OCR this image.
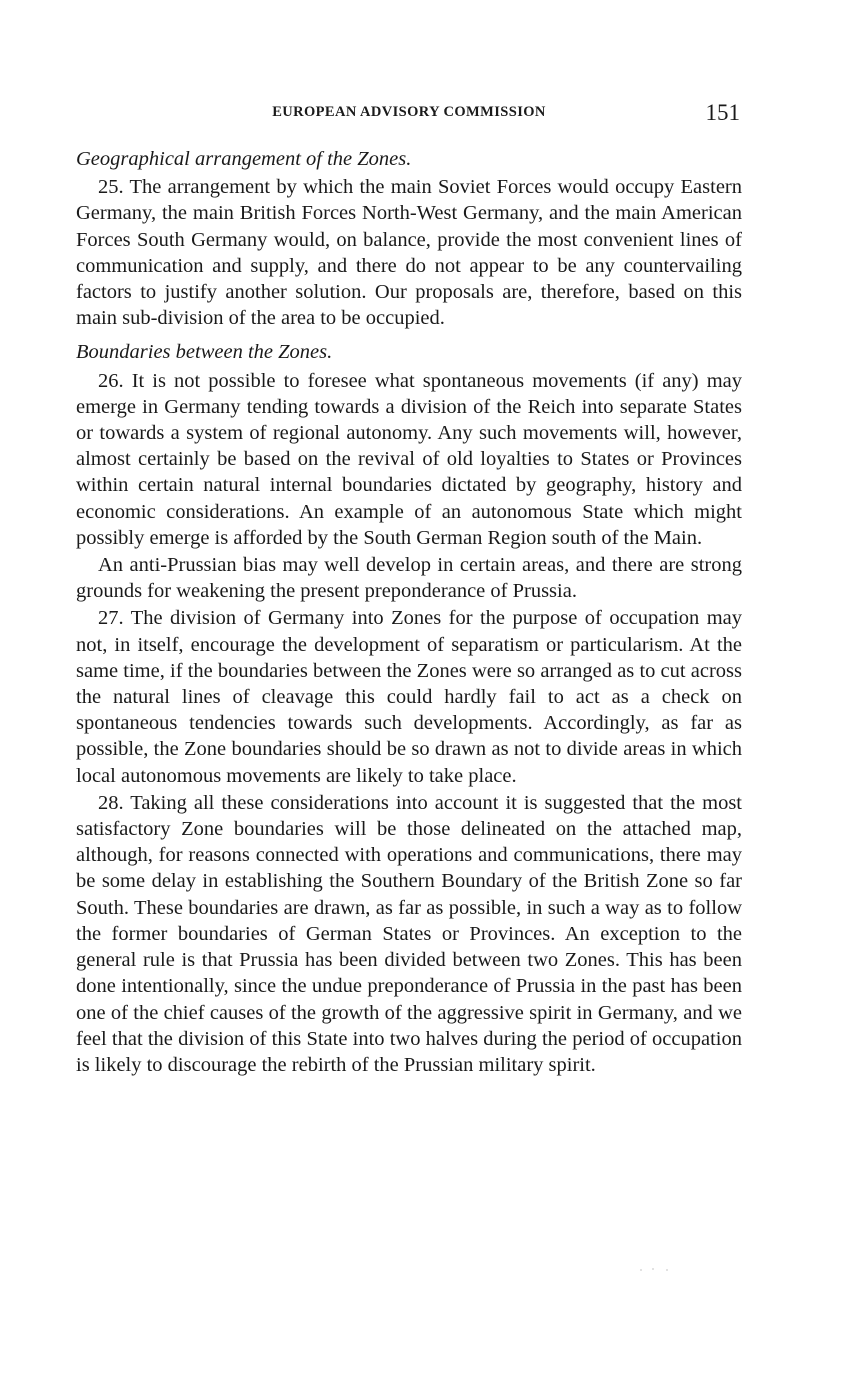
EUROPEAN ADVISORY COMMISSION	151
Geographical arrangement of the Zones.

25. The arrangement by which the main Soviet Forces would occupy Eastern Germany, the main British Forces North-West Germany, and the main American Forces South Germany would, on balance, provide the most convenient lines of communication and supply, and there do not appear to be any countervailing factors to justify another solution. Our proposals are, therefore, based on this main sub-division of the area to be occupied.

Boundaries between the Zones.

26. It is not possible to foresee what spontaneous movements (if any) may emerge in Germany tending towards a division of the Reich into separate States or towards a system of regional autonomy. Any such movements will, however, almost certainly be based on the revival of old loyalties to States or Provinces within certain natural internal boundaries dictated by geography, history and economic considerations. An example of an autonomous State which might possibly emerge is afforded by the South German Region south of the Main.

An anti-Prussian bias may well develop in certain areas, and there are strong grounds for weakening the present preponderance of Prussia.

27. The division of Germany into Zones for the purpose of occupation may not, in itself, encourage the development of separatism or particularism. At the same time, if the boundaries between the Zones were so arranged as to cut across the natural lines of cleavage this could hardly fail to act as a check on spontaneous tendencies towards such developments. Accordingly, as far as possible, the Zone boundaries should be so drawn as not to divide areas in which local autonomous movements are likely to take place.

28. Taking all these considerations into account it is suggested that the most satisfactory Zone boundaries will be those delineated on the attached map, although, for reasons connected with operations and communications, there may be some delay in establishing the Southern Boundary of the British Zone so far South. These boundaries are drawn, as far as possible, in such a way as to follow the former boundaries of German States or Provinces. An exception to the general rule is that Prussia has been divided between two Zones. This has been done intentionally, since the undue preponderance of Prussia in the past has been one of the chief causes of the growth of the aggressive spirit in Germany, and we feel that the division of this State into two halves during the period of occupation is likely to discourage the rebirth of the Prussian military spirit.
